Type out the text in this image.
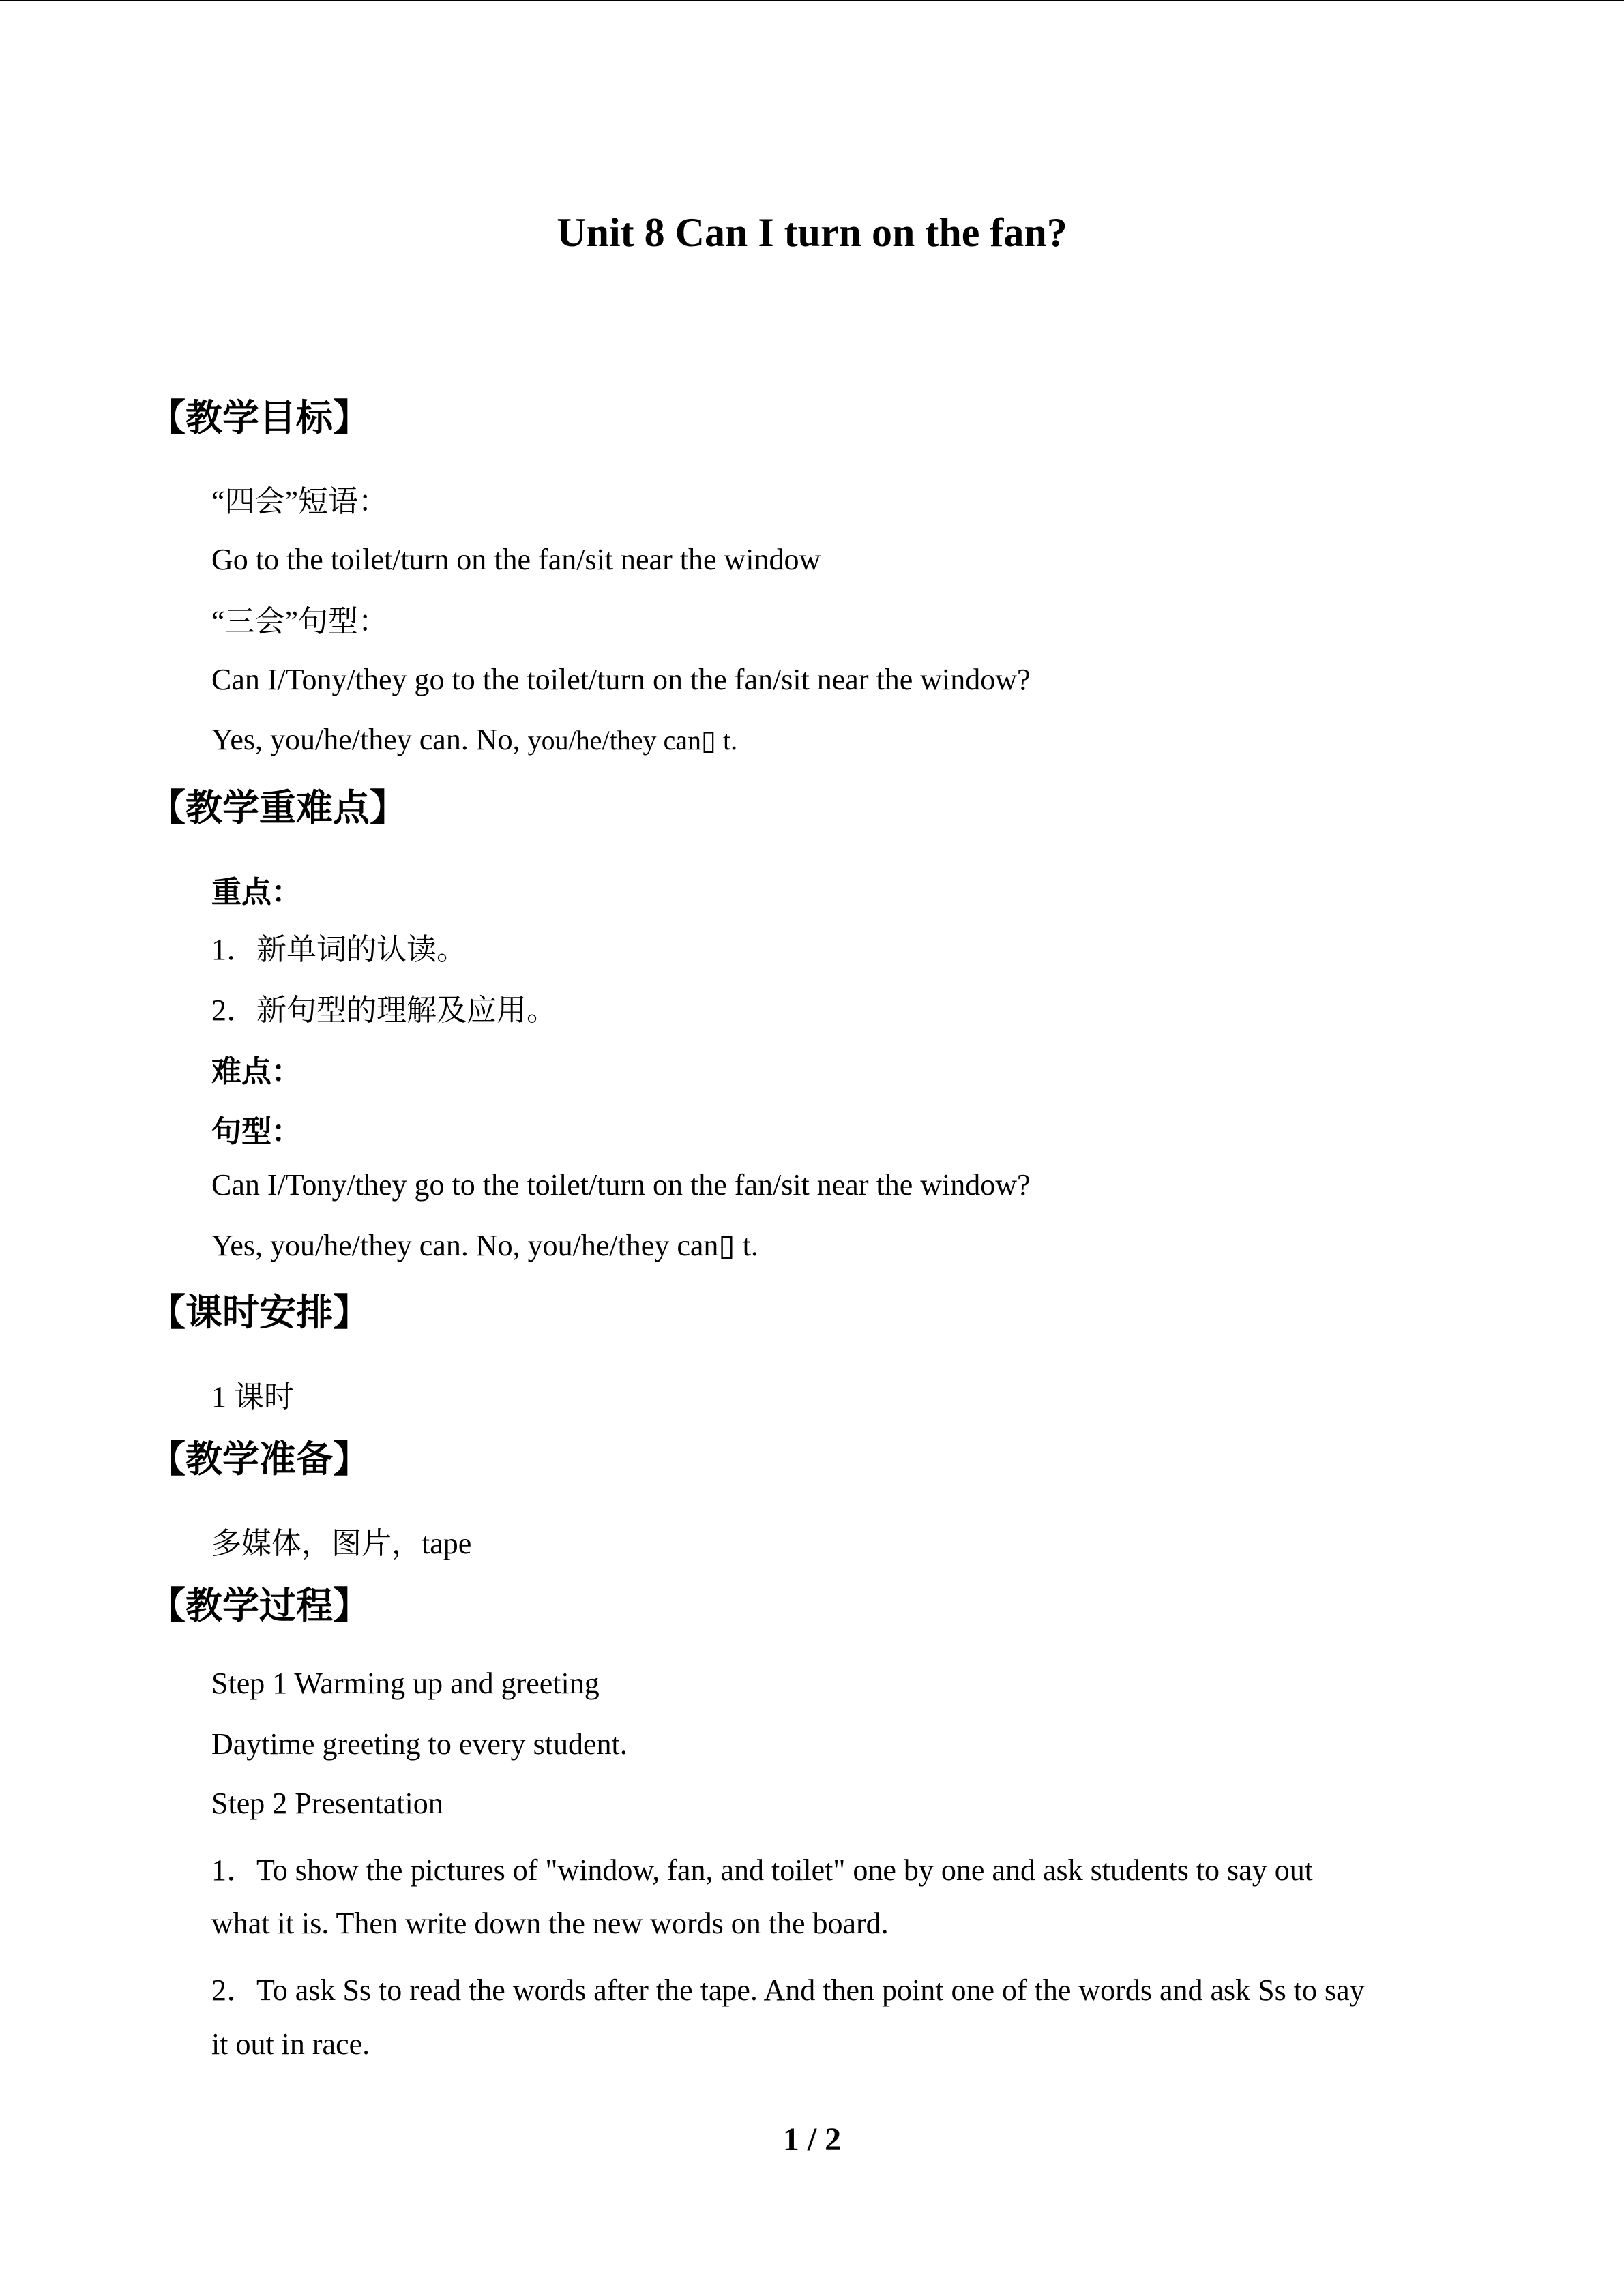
Unit 8 Can I turn on the fan?
【教学目标】
“四会”短语：
Go to the toilet/turn on the fan/sit near the window
“三会”句型：
Can I/Tony/they go to the toilet/turn on the fan/sit near the window?
Yes, you/he/they can. No, you/he/they can▯ t.
【教学重难点】
重点：
1．新单词的认读。
2．新句型的理解及应用。
难点：
句型：
Can I/Tony/they go to the toilet/turn on the fan/sit near the window?
Yes, you/he/they can. No, you/he/they can▯ t.
【课时安排】
1 课时
【教学准备】
多媒体，图片，tape
【教学过程】
Step 1 Warming up and greeting
Daytime greeting to every student.
Step 2 Presentation
1．To show the pictures of "window, fan, and toilet" one by one and ask students to say out
what it is. Then write down the new words on the board.
2．To ask Ss to read the words after the tape. And then point one of the words and ask Ss to say
it out in race.
1 / 2
